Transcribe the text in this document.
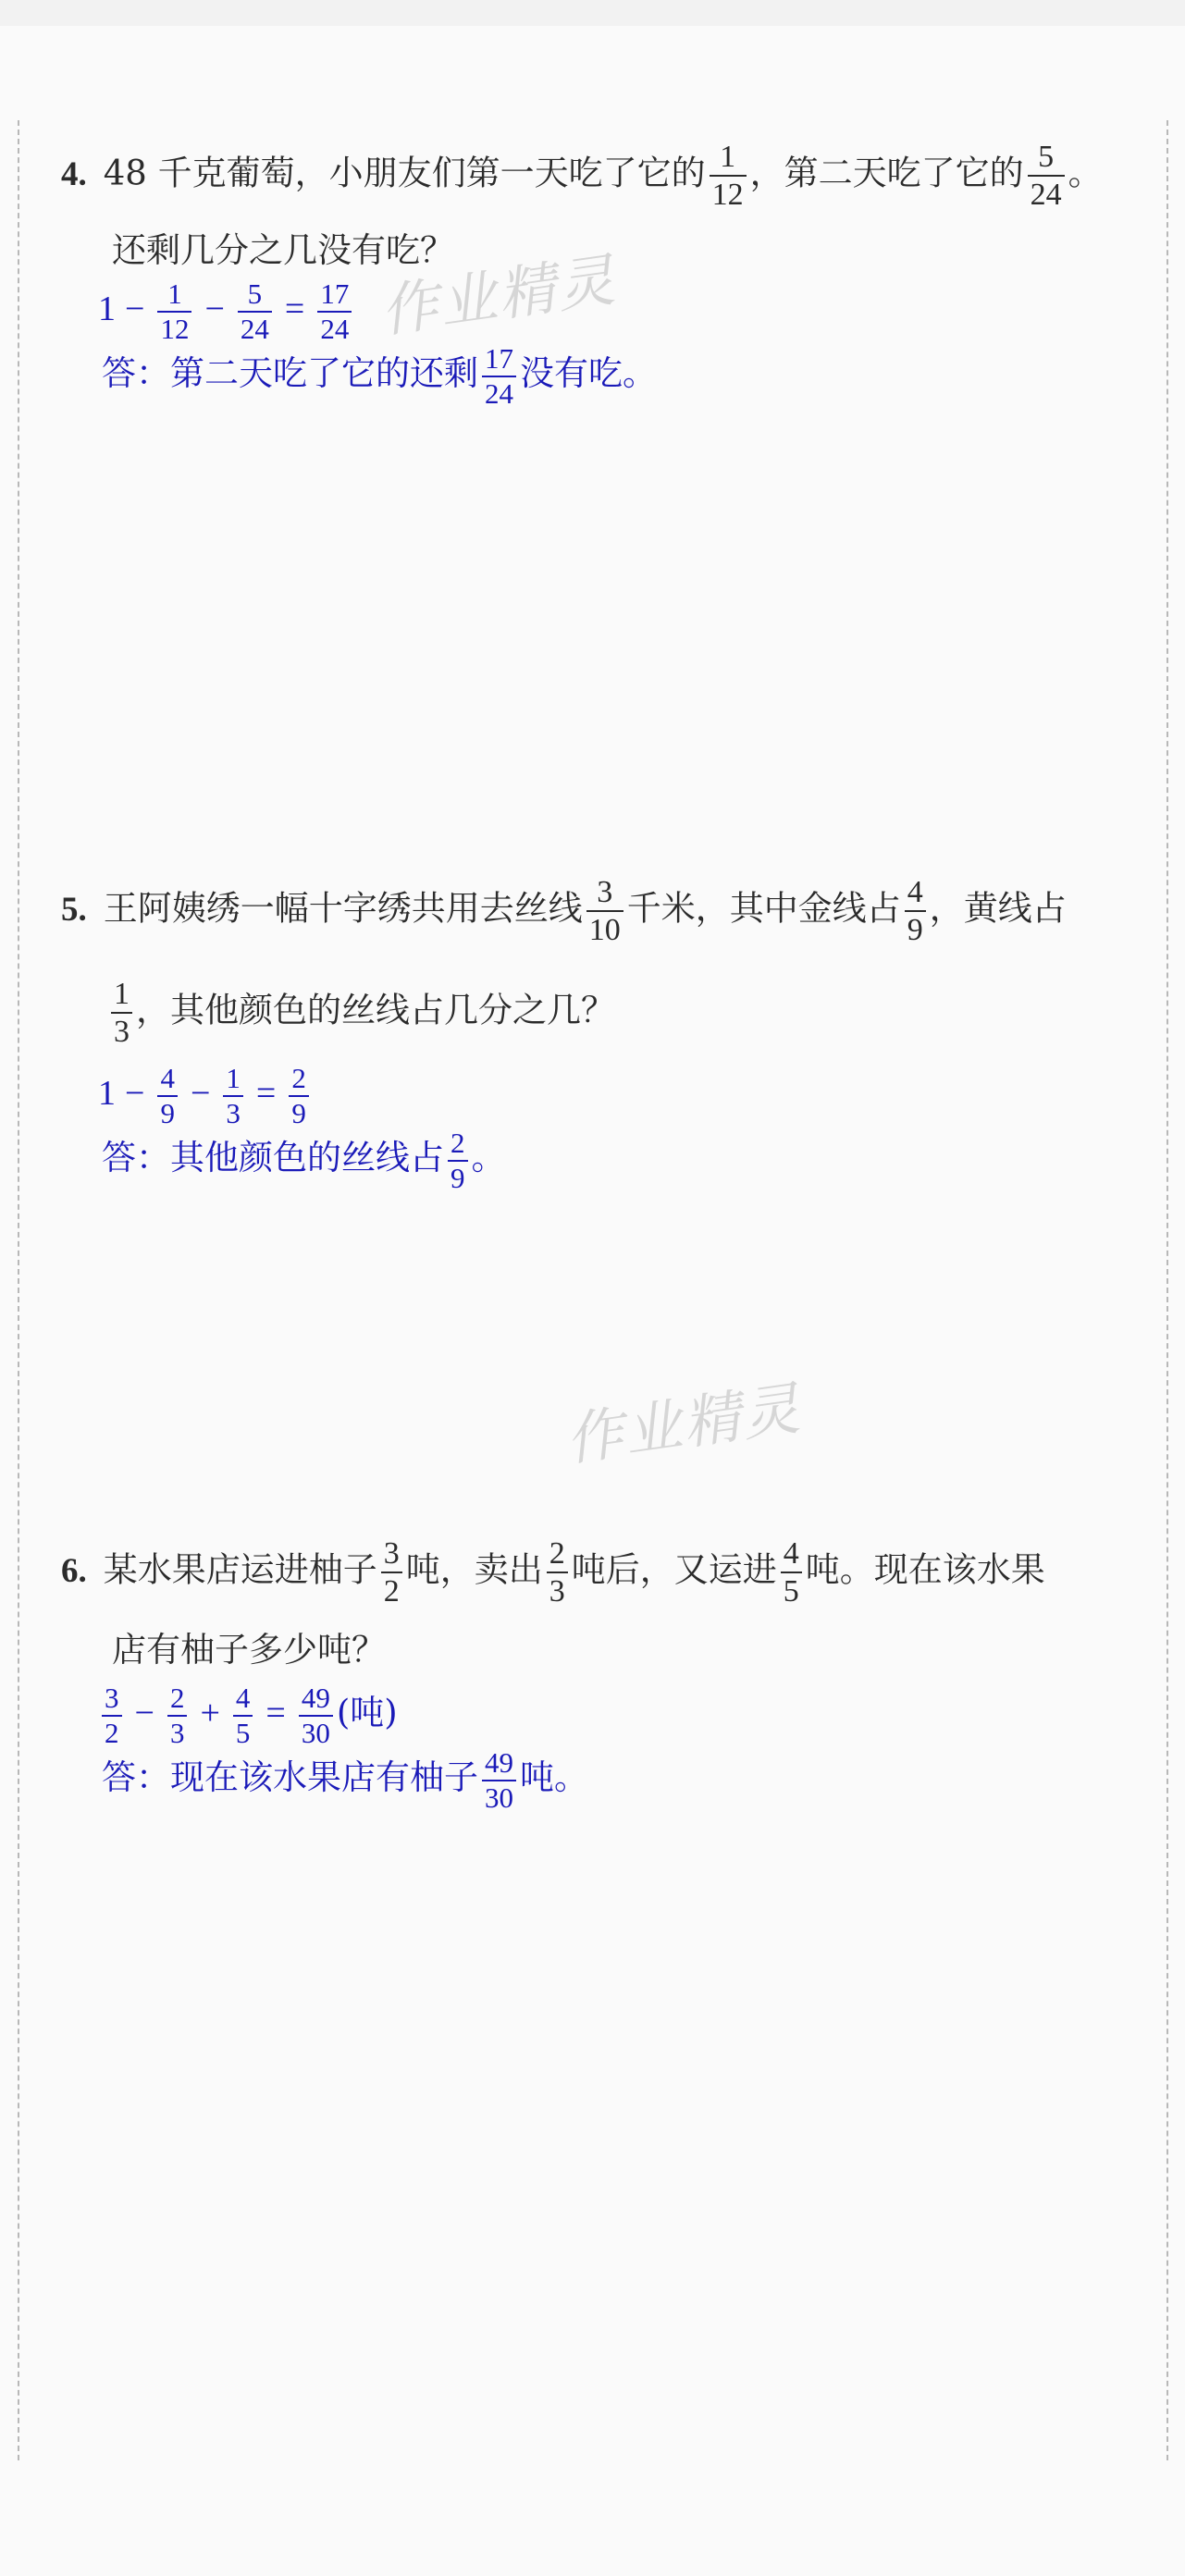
4. 48 千克葡萄，小朋友们第一天吃了它的 $\frac{1}{12}$ ，第二天吃了它的 $\frac{5}{24}$ 。
还剩几分之几没有吃？
$1 - \frac{1}{12} - \frac{5}{24} = \frac{17}{24}$
答：第二天吃了它的还剩 $\frac{17}{24}$ 没有吃。
作业精灵
5. 王阿姨绣一幅十字绣共用去丝线 $\frac{3}{10}$ 千米，其中金线占 $\frac{4}{9}$ ，黄线占
$\frac{1}{3}$ ，其他颜色的丝线占几分之几？
$1 - \frac{4}{9} - \frac{1}{3} = \frac{2}{9}$
答：其他颜色的丝线占 $\frac{2}{9}$ 。
作业精灵
6. 某水果店运进柚子 $\frac{3}{2}$ 吨，卖出 $\frac{2}{3}$ 吨后，又运进 $\frac{4}{5}$ 吨。现在该水果
店有柚子多少吨？
$\frac{3}{2} - \frac{2}{3} + \frac{4}{5} = \frac{49}{30}$ (吨)
答：现在该水果店有柚子 $\frac{49}{30}$ 吨。
